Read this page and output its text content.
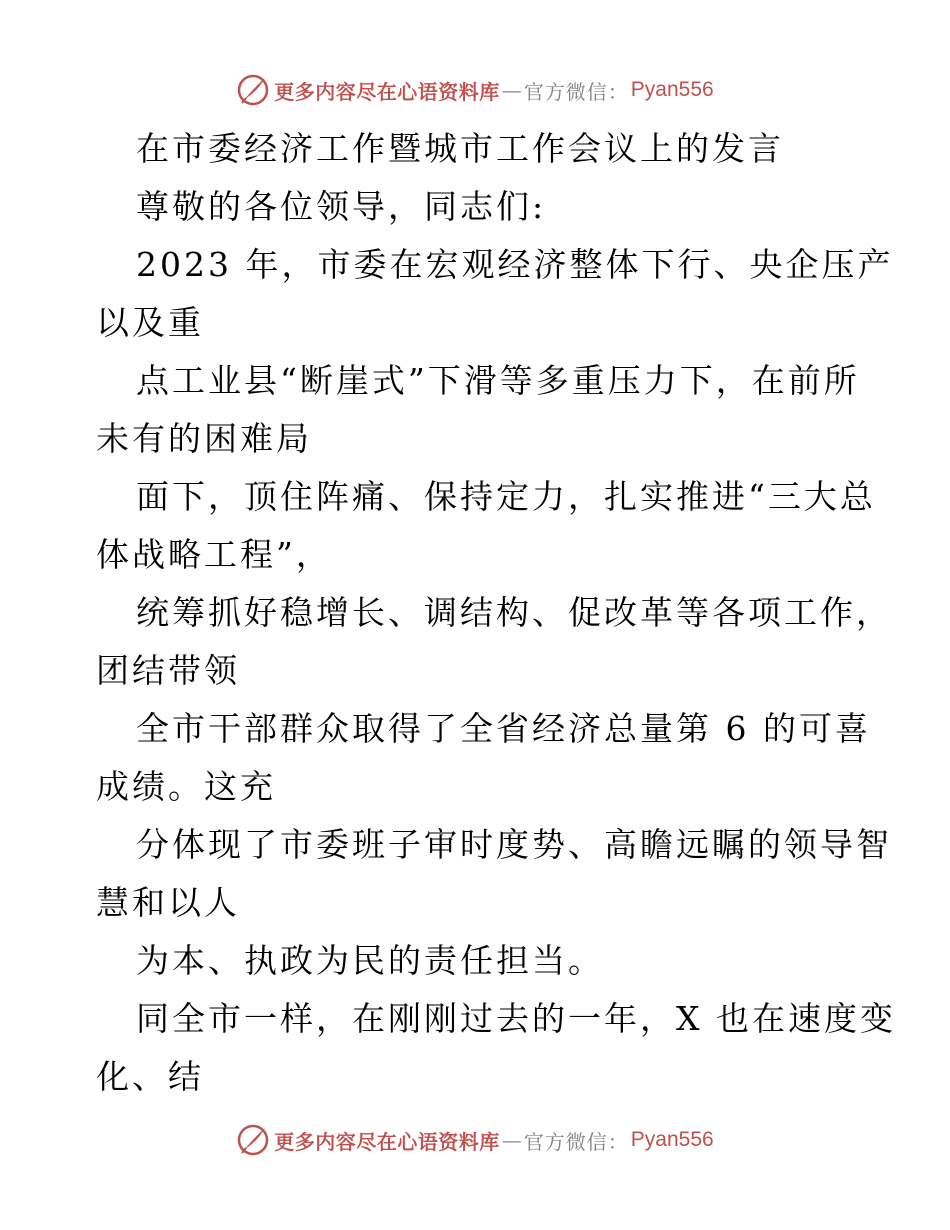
更多内容尽在心语资料库 — 官方微信： Pyan556
在市委经济工作暨城市工作会议上的发言
尊敬的各位领导，同志们:
2023 年，市委在宏观经济整体下行、央企压产
以及重
点工业县“断崖式”下滑等多重压力下，在前所
未有的困难局
面下，顶住阵痛、保持定力，扎实推进“三大总
体战略工程”，
统筹抓好稳增长、调结构、促改革等各项工作，
团结带领
全市干部群众取得了全省经济总量第 6 的可喜
成绩。这充
分体现了市委班子审时度势、高瞻远瞩的领导智
慧和以人
为本、执政为民的责任担当。
同全市一样，在刚刚过去的一年，X 也在速度变
化、结
更多内容尽在心语资料库 — 官方微信： Pyan556
